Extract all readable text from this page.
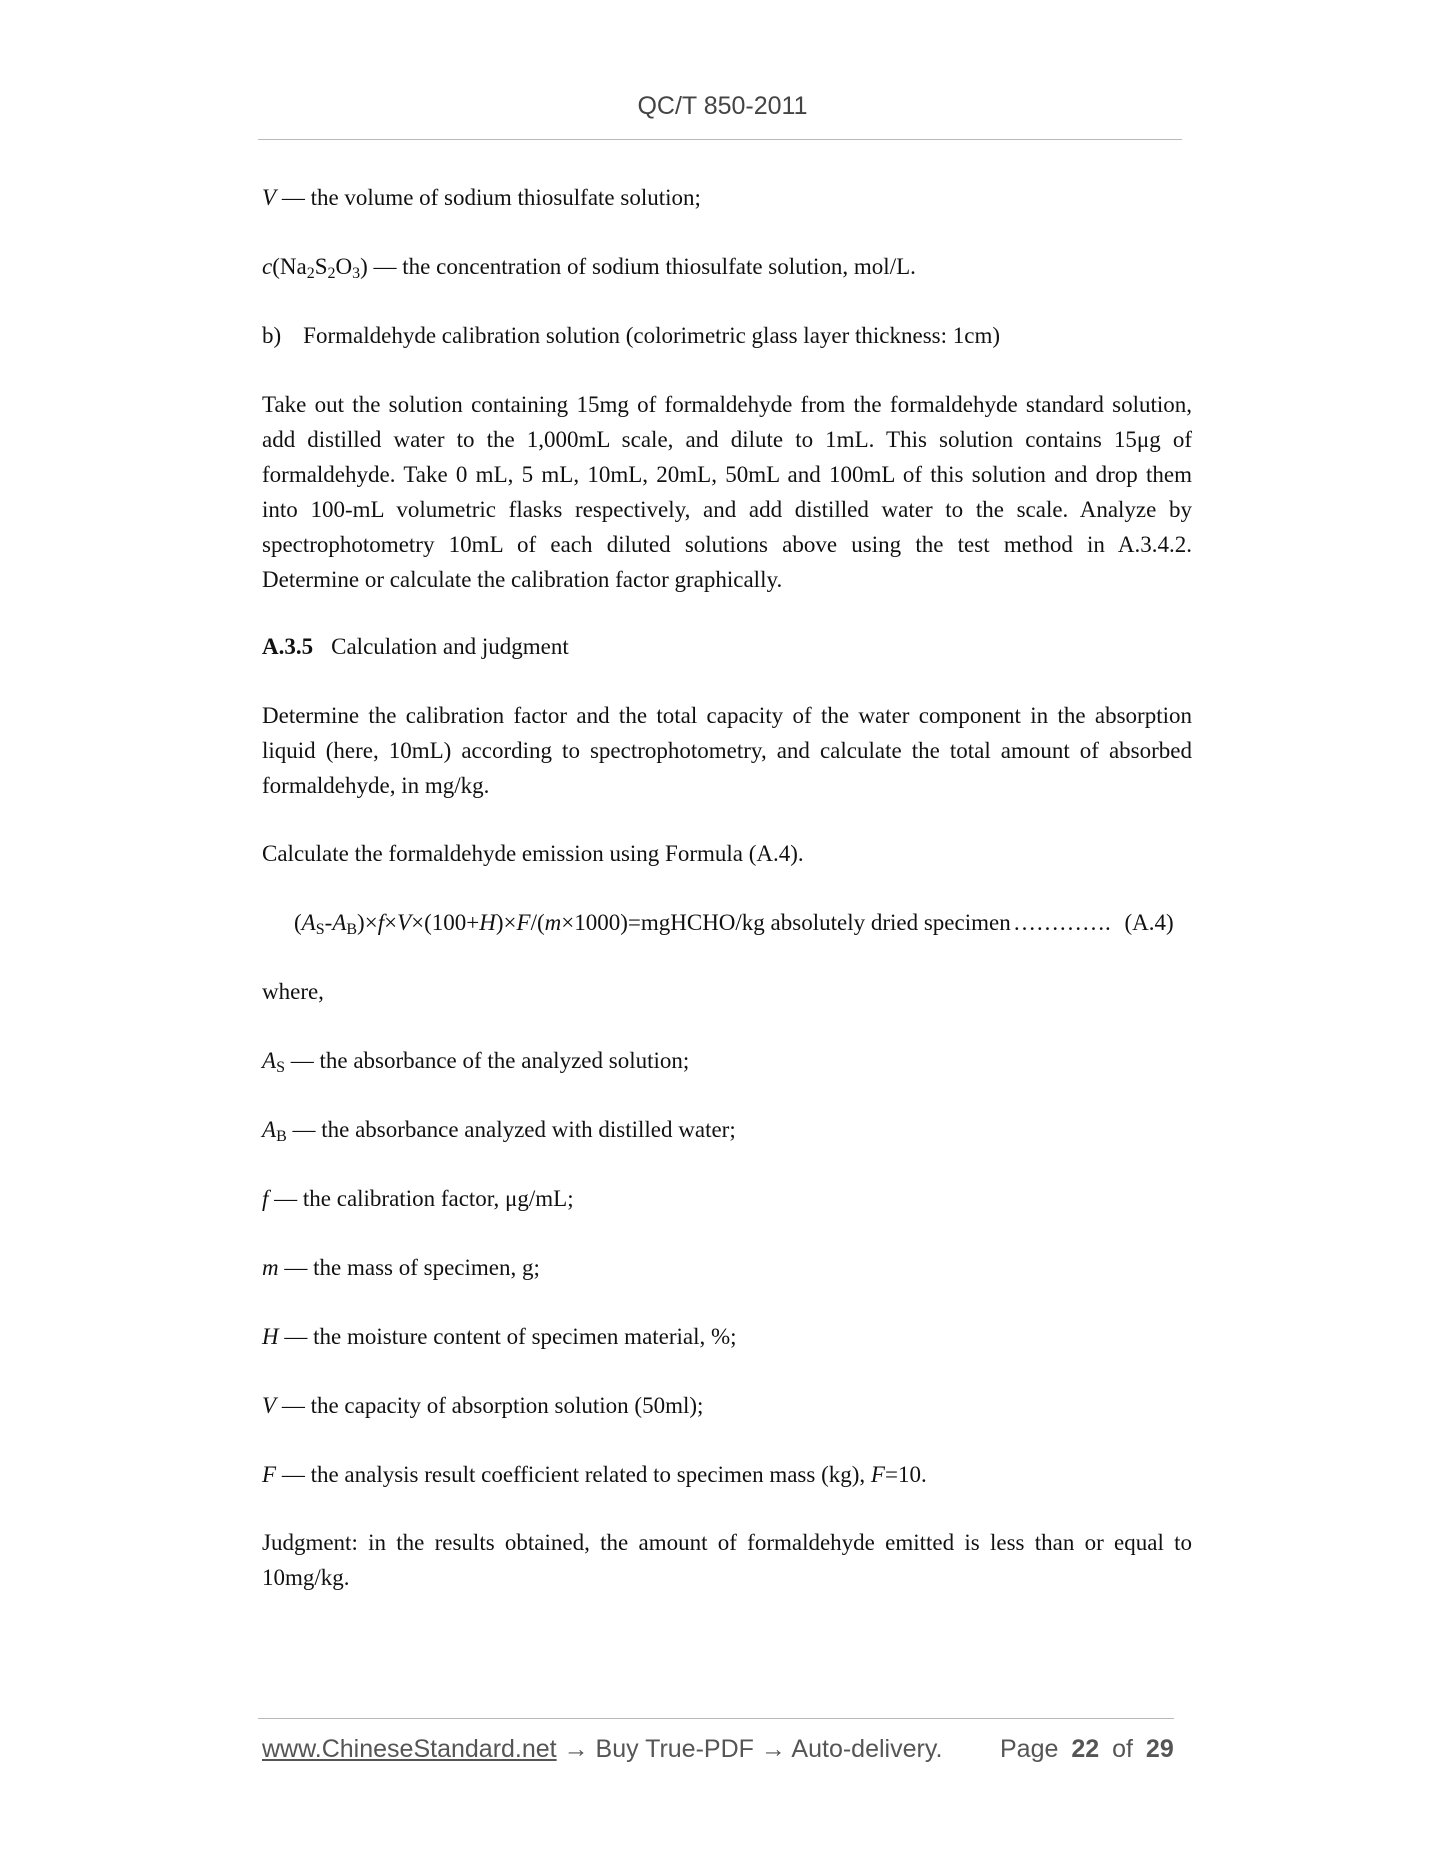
QC/T 850-2011
V — the volume of sodium thiosulfate solution;
$c(Na_2S_2O_3)$ — the concentration of sodium thiosulfate solution, mol/L.
b) Formaldehyde calibration solution (colorimetric glass layer thickness: 1cm)
Take out the solution containing 15mg of formaldehyde from the formaldehyde standard solution, add distilled water to the 1,000mL scale, and dilute to 1mL. This solution contains 15μg of formaldehyde. Take 0 mL, 5 mL, 10mL, 20mL, 50mL and 100mL of this solution and drop them into 100-mL volumetric flasks respectively, and add distilled water to the scale. Analyze by spectrophotometry 10mL of each diluted solutions above using the test method in A.3.4.2. Determine or calculate the calibration factor graphically.
A.3.5 Calculation and judgment
Determine the calibration factor and the total capacity of the water component in the absorption liquid (here, 10mL) according to spectrophotometry, and calculate the total amount of absorbed formaldehyde, in mg/kg.
Calculate the formaldehyde emission using Formula (A.4).
(AS-AB)×f×V×(100+H)×F/(m×1000)=mgHCHO/kg absolutely dried specimen …………. (A.4)
where,
AS — the absorbance of the analyzed solution;
AB — the absorbance analyzed with distilled water;
f — the calibration factor, μg/mL;
m — the mass of specimen, g;
H — the moisture content of specimen material, %;
V — the capacity of absorption solution (50ml);
F — the analysis result coefficient related to specimen mass (kg), F=10.
Judgment: in the results obtained, the amount of formaldehyde emitted is less than or equal to 10mg/kg.
www.ChineseStandard.net → Buy True-PDF → Auto-delivery. Page 22 of 29
